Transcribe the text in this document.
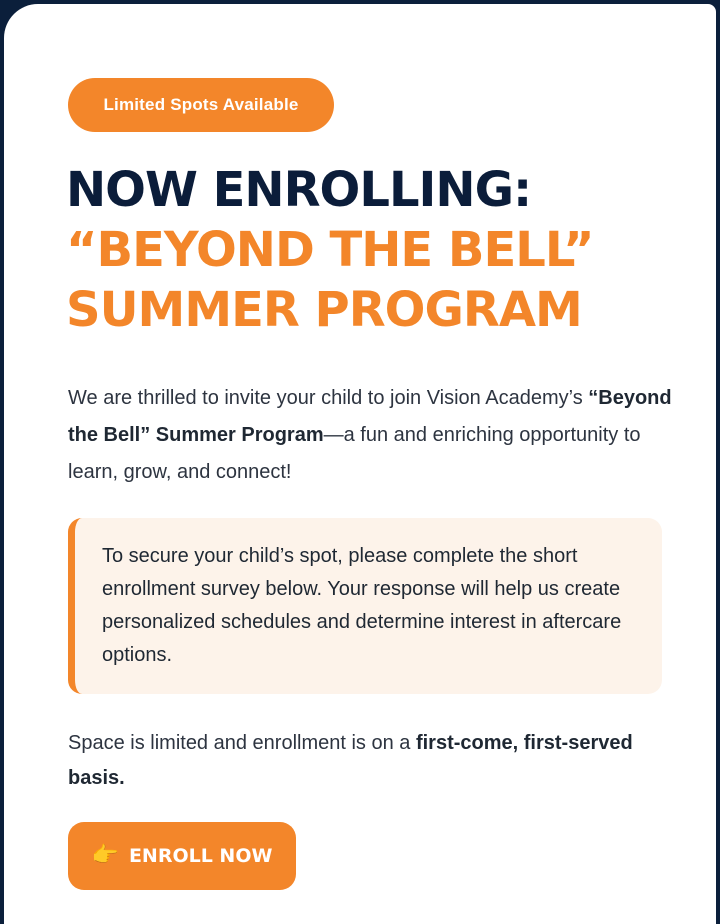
Limited Spots Available
NOW ENROLLING:
“BEYOND THE BELL”
SUMMER PROGRAM

We are thrilled to invite your child to join Vision Academy’s “Beyond the Bell” Summer Program—a fun and enriching opportunity to learn, grow, and connect!

To secure your child’s spot, please complete the short enrollment survey below. Your response will help us create personalized schedules and determine interest in aftercare options.

Space is limited and enrollment is on a first-come, first-served basis.

👉 ENROLL NOW
